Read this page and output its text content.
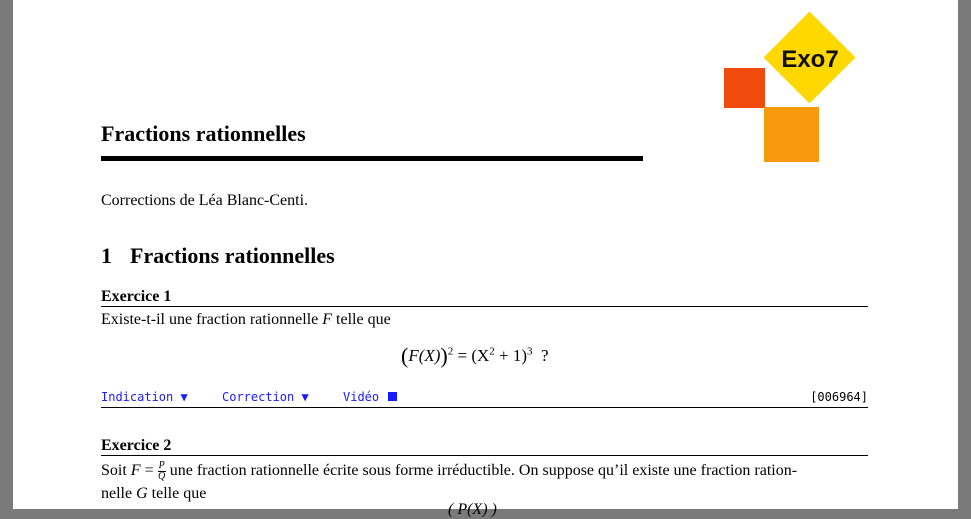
Exo7
Fractions rationnelles
Corrections de Léa Blanc-Centi.
1 Fractions rationnelles
Exercice 1
Existe-t-il une fraction rationnelle F telle que
$(F(X))^2 = (X^2 + 1)^3$  ?
Indication ▼	Correction ▼	Vidéo	[006964]
Exercice 2
Soit $F = \frac{P}{Q}$ une fraction rationnelle écrite sous forme irréductible. On suppose qu’il existe une fraction ration-
nelle G telle que
( P(X) )
